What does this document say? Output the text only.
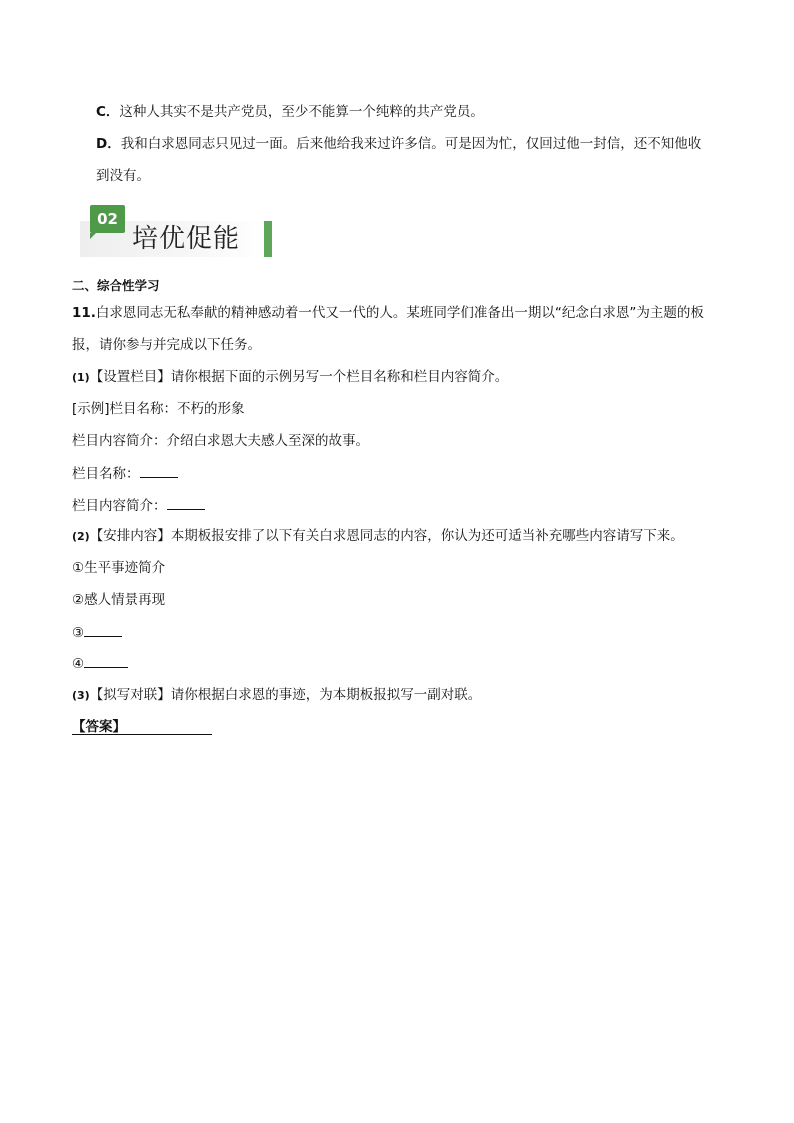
C．这种人其实不是共产党员，至少不能算一个纯粹的共产党员。
D．我和白求恩同志只见过一面。后来他给我来过许多信。可是因为忙，仅回过他一封信，还不知他收
到没有。
02
培优促能
二、综合性学习
11.白求恩同志无私奉献的精神感动着一代又一代的人。某班同学们准备出一期以“纪念白求恩”为主题的板
报，请你参与并完成以下任务。
(1)【设置栏目】请你根据下面的示例另写一个栏目名称和栏目内容简介。
[示例]栏目名称：不朽的形象
栏目内容简介：介绍白求恩大夫感人至深的故事。
栏目名称：
栏目内容简介：
(2)【安排内容】本期板报安排了以下有关白求恩同志的内容，你认为还可适当补充哪些内容请写下来。
①生平事迹简介
②感人情景再现
③
④
(3)【拟写对联】请你根据白求恩的事迹，为本期板报拟写一副对联。
【答案】
